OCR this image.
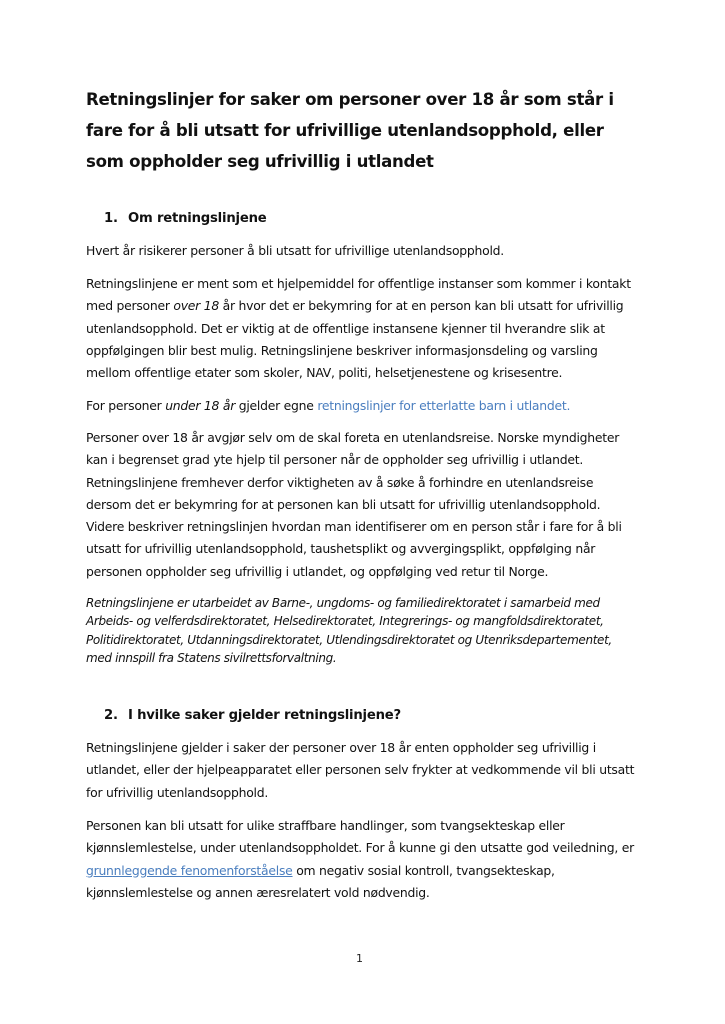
Retningslinjer for saker om personer over 18 år som står i fare for å bli utsatt for ufrivillige utenlandsopphold, eller som oppholder seg ufrivillig i utlandet
1. Om retningslinjene
Hvert år risikerer personer å bli utsatt for ufrivillige utenlandsopphold.
Retningslinjene er ment som et hjelpemiddel for offentlige instanser som kommer i kontakt med personer over 18 år hvor det er bekymring for at en person kan bli utsatt for ufrivillig utenlandsopphold. Det er viktig at de offentlige instansene kjenner til hverandre slik at oppfølgingen blir best mulig. Retningslinjene beskriver informasjonsdeling og varsling mellom offentlige etater som skoler, NAV, politi, helsetjenestene og krisesentre.
For personer under 18 år gjelder egne retningslinjer for etterlatte barn i utlandet.
Personer over 18 år avgjør selv om de skal foreta en utenlandsreise. Norske myndigheter kan i begrenset grad yte hjelp til personer når de oppholder seg ufrivillig i utlandet. Retningslinjene fremhever derfor viktigheten av å søke å forhindre en utenlandsreise dersom det er bekymring for at personen kan bli utsatt for ufrivillig utenlandsopphold. Videre beskriver retningslinjen hvordan man identifiserer om en person står i fare for å bli utsatt for ufrivillig utenlandsopphold, taushetsplikt og avvergingsplikt, oppfølging når personen oppholder seg ufrivillig i utlandet, og oppfølging ved retur til Norge.
Retningslinjene er utarbeidet av Barne-, ungdoms- og familiedirektoratet i samarbeid med Arbeids- og velferdsdirektoratet, Helsedirektoratet, Integrerings- og mangfoldsdirektoratet, Politidirektoratet, Utdanningsdirektoratet, Utlendingsdirektoratet og Utenriksdepartementet, med innspill fra Statens sivilrettsforvaltning.
2. I hvilke saker gjelder retningslinjene?
Retningslinjene gjelder i saker der personer over 18 år enten oppholder seg ufrivillig i utlandet, eller der hjelpeapparatet eller personen selv frykter at vedkommende vil bli utsatt for ufrivillig utenlandsopphold.
Personen kan bli utsatt for ulike straffbare handlinger, som tvangsekteskap eller kjønnslemlestelse, under utenlandsoppholdet. For å kunne gi den utsatte god veiledning, er grunnleggende fenomenforståelse om negativ sosial kontroll, tvangsekteskap, kjønnslemlestelse og annen æresrelatert vold nødvendig.
1
